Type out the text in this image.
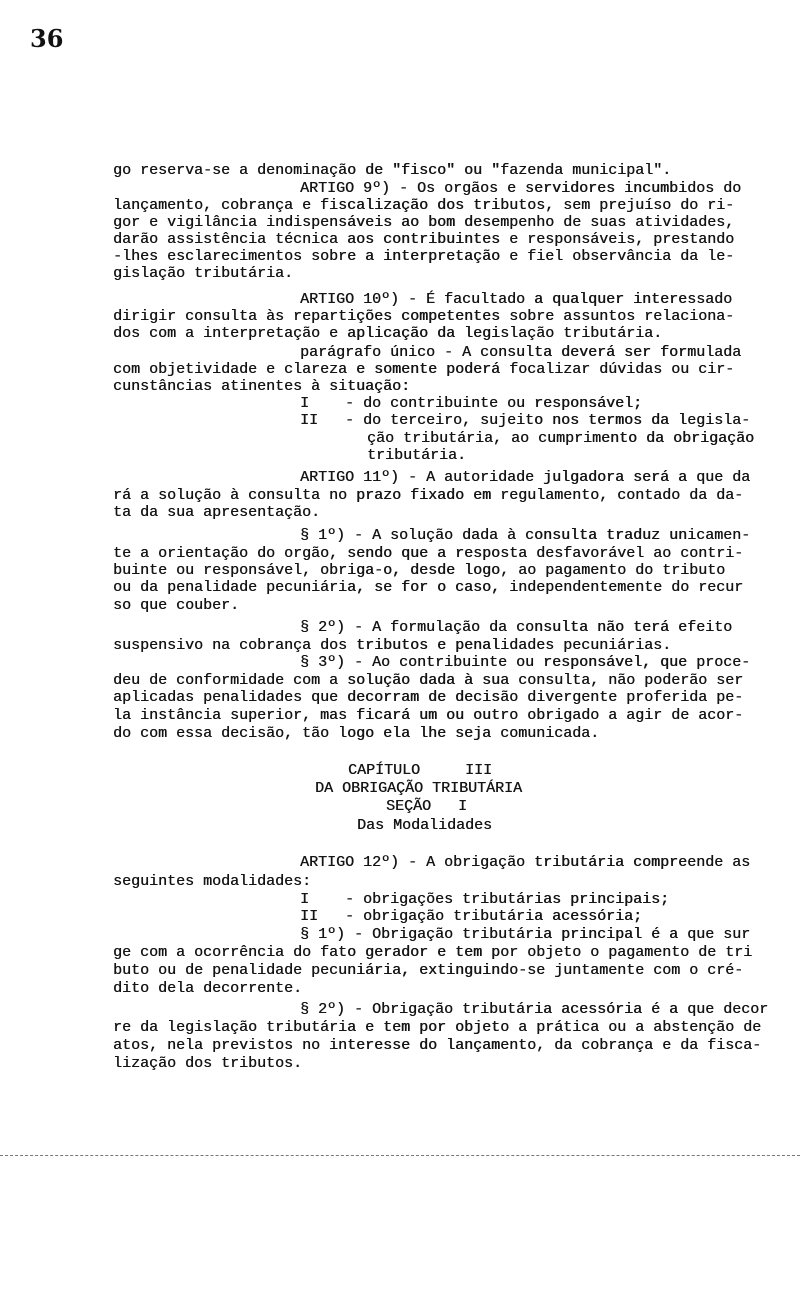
36
go reserva-se a denominação de "fisco" ou "fazenda municipal".
ARTIGO 9º) - Os orgãos e servidores incumbidos do
lançamento, cobrança e fiscalização dos tributos, sem prejuíso do ri-
gor e vigilância indispensáveis ao bom desempenho de suas atividades,
darão assistência técnica aos contribuintes e responsáveis, prestando
-lhes esclarecimentos sobre a interpretação e fiel observância da le-
gislação tributária.
ARTIGO 10º) - É facultado a qualquer interessado
dirigir consulta às repartições competentes sobre assuntos relaciona-
dos com a interpretação e aplicação da legislação tributária.
parágrafo único - A consulta deverá ser formulada
com objetividade e clareza e somente poderá focalizar dúvidas ou cir-
cunstâncias atinentes à situação:
I    - do contribuinte ou responsável;
II   - do terceiro, sujeito nos termos da legisla-
ção tributária, ao cumprimento da obrigação
tributária.
ARTIGO 11º) - A autoridade julgadora será a que da
rá a solução à consulta no prazo fixado em regulamento, contado da da-
ta da sua apresentação.
§ 1º) - A solução dada à consulta traduz unicamen-
te a orientação do orgão, sendo que a resposta desfavorável ao contri-
buinte ou responsável, obriga-o, desde logo, ao pagamento do tributo
ou da penalidade pecuniária, se for o caso, independentemente do recur
so que couber.
§ 2º) - A formulação da consulta não terá efeito
suspensivo na cobrança dos tributos e penalidades pecuniárias.
§ 3º) - Ao contribuinte ou responsável, que proce-
deu de conformidade com a solução dada à sua consulta, não poderão ser
aplicadas penalidades que decorram de decisão divergente proferida pe-
la instância superior, mas ficará um ou outro obrigado a agir de acor-
do com essa decisão, tão logo ela lhe seja comunicada.
CAPÍTULO     III
DA OBRIGAÇÃO TRIBUTÁRIA
SEÇÃO   I
Das Modalidades
ARTIGO 12º) - A obrigação tributária compreende as
seguintes modalidades:
I    - obrigações tributárias principais;
II   - obrigação tributária acessória;
§ 1º) - Obrigação tributária principal é a que sur
ge com a ocorrência do fato gerador e tem por objeto o pagamento de tri
buto ou de penalidade pecuniária, extinguindo-se juntamente com o cré-
dito dela decorrente.
§ 2º) - Obrigação tributária acessória é a que decor
re da legislação tributária e tem por objeto a prática ou a abstenção de
atos, nela previstos no interesse do lançamento, da cobrança e da fisca-
lização dos tributos.
